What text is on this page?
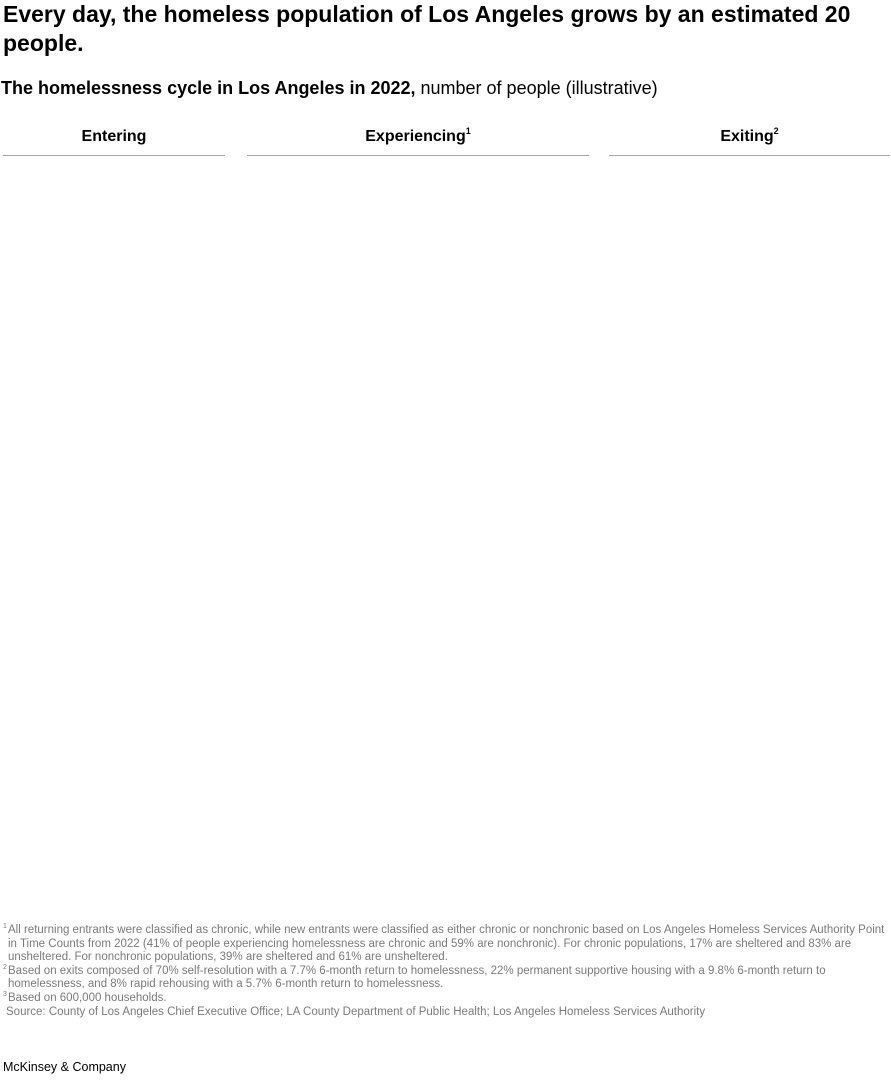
Every day, the homeless population of Los Angeles grows by an estimated 20 people.

The homelessness cycle in Los Angeles in 2022, number of people (illustrative)

Entering	Experiencing$^1$	Exiting$^2$

1 All returning entrants were classified as chronic, while new entrants were classified as either chronic or nonchronic based on Los Angeles Homeless Services Authority Point in Time Counts from 2022 (41% of people experiencing homelessness are chronic and 59% are nonchronic). For chronic populations, 17% are sheltered and 83% are unsheltered. For nonchronic populations, 39% are sheltered and 61% are unsheltered.

2 Based on exits composed of 70% self-resolution with a 7.7% 6-month return to homelessness, 22% permanent supportive housing with a 9.8% 6-month return to homelessness, and 8% rapid rehousing with a 5.7% 6-month return to homelessness.

3 Based on 600,000 households.

Source: County of Los Angeles Chief Executive Office; LA County Department of Public Health; Los Angeles Homeless Services Authority

McKinsey & Company
